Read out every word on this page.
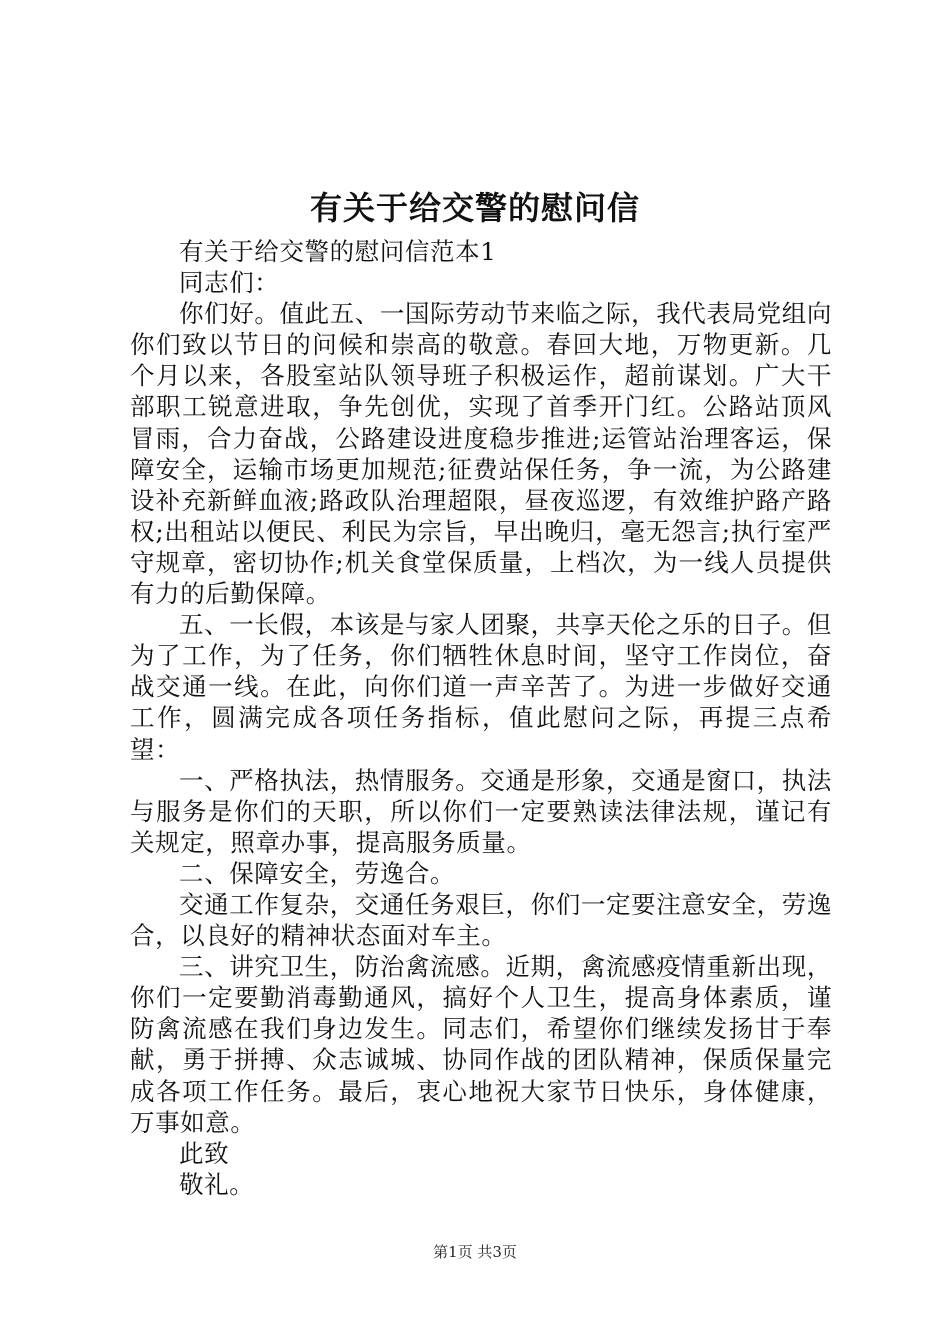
有关于给交警的慰问信

有关于给交警的慰问信范本1

同志们：

你们好。值此五、一国际劳动节来临之际，我代表局党组向你们致以节日的问候和崇高的敬意。春回大地，万物更新。几个月以来，各股室站队领导班子积极运作，超前谋划。广大干部职工锐意进取，争先创优，实现了首季开门红。公路站顶风冒雨，合力奋战，公路建设进度稳步推进;运管站治理客运，保障安全，运输市场更加规范;征费站保任务，争一流，为公路建设补充新鲜血液;路政队治理超限，昼夜巡逻，有效维护路产路权;出租站以便民、利民为宗旨，早出晚归，毫无怨言;执行室严守规章，密切协作;机关食堂保质量，上档次，为一线人员提供有力的后勤保障。

五、一长假，本该是与家人团聚，共享天伦之乐的日子。但为了工作，为了任务，你们牺牲休息时间，坚守工作岗位，奋战交通一线。在此，向你们道一声辛苦了。为进一步做好交通工作，圆满完成各项任务指标，值此慰问之际，再提三点希望：

一、严格执法，热情服务。交通是形象，交通是窗口，执法与服务是你们的天职，所以你们一定要熟读法律法规，谨记有关规定，照章办事，提高服务质量。

二、保障安全，劳逸合。

交通工作复杂，交通任务艰巨，你们一定要注意安全，劳逸合，以良好的精神状态面对车主。

三、讲究卫生，防治禽流感。近期，禽流感疫情重新出现，你们一定要勤消毒勤通风，搞好个人卫生，提高身体素质，谨防禽流感在我们身边发生。同志们，希望你们继续发扬甘于奉献，勇于拼搏、众志诚城、协同作战的团队精神，保质保量完成各项工作任务。最后，衷心地祝大家节日快乐，身体健康，万事如意。

此致

敬礼。

第1页 共3页
